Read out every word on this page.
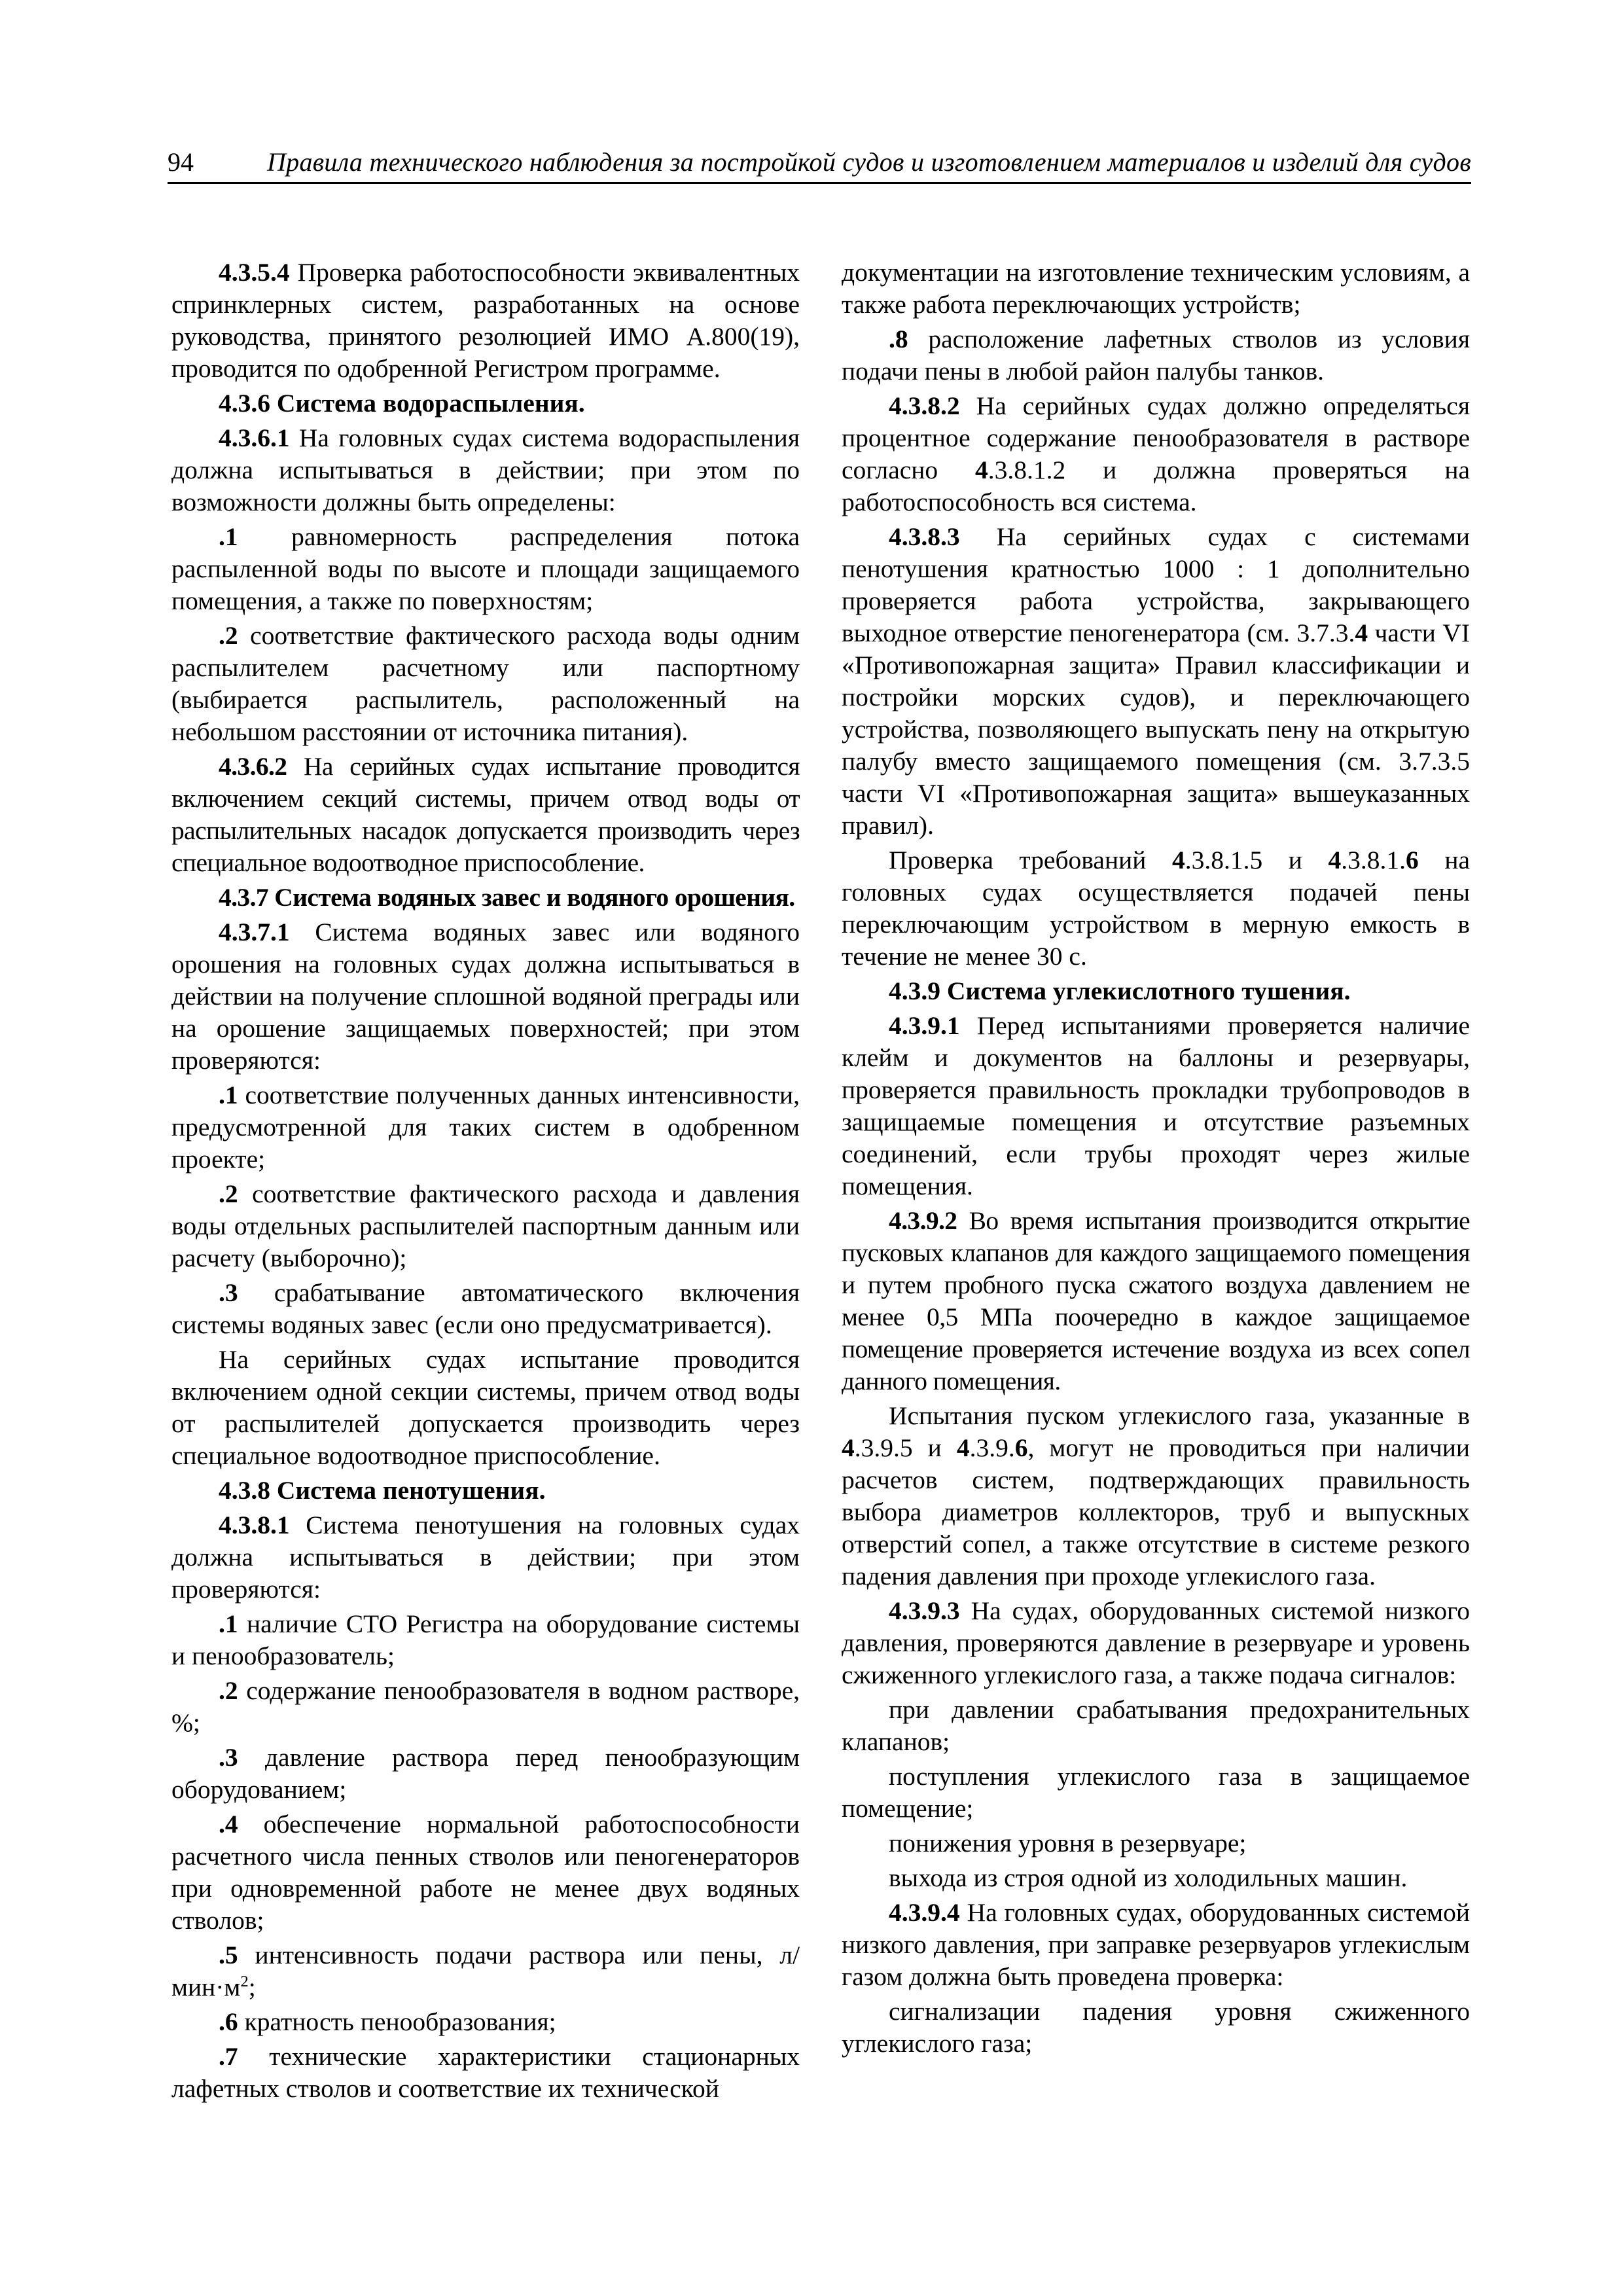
94	Правила технического наблюдения за постройкой судов и изготовлением материалов и изделий для судов

4.3.5.4 Проверка работоспособности эквивалентных спринклерных систем, разработанных на основе руководства, принятого резолюцией ИМО А.800(19), проводится по одобренной Регистром программе.

4.3.6 Система водораспыления.

4.3.6.1 На головных судах система водораспыления должна испытываться в действии; при этом по возможности должны быть определены:

.1 равномерность распределения потока распыленной воды по высоте и площади защищаемого помещения, а также по поверхностям;

.2 соответствие фактического расхода воды одним распылителем расчетному или паспортному (выбирается распылитель, расположенный на небольшом расстоянии от источника питания).

4.3.6.2 На серийных судах испытание проводится включением секций системы, причем отвод воды от распылительных насадок допускается производить через специальное водоотводное приспособление.

4.3.7 Система водяных завес и водяного орошения.

4.3.7.1 Система водяных завес или водяного орошения на головных судах должна испытываться в действии на получение сплошной водяной преграды или на орошение защищаемых поверхностей; при этом проверяются:

.1 соответствие полученных данных интенсивности, предусмотренной для таких систем в одобренном проекте;

.2 соответствие фактического расхода и давления воды отдельных распылителей паспортным данным или расчету (выборочно);

.3 срабатывание автоматического включения системы водяных завес (если оно предусматривается).

На серийных судах испытание проводится включением одной секции системы, причем отвод воды от распылителей допускается производить через специальное водоотводное приспособление.

4.3.8 Система пенотушения.

4.3.8.1 Система пенотушения на головных судах должна испытываться в действии; при этом проверяются:

.1 наличие СТО Регистра на оборудование системы и пенообразователь;

.2 содержание пенообразователя в водном растворе, %;

.3 давление раствора перед пенообразующим оборудованием;

.4 обеспечение нормальной работоспособности расчетного числа пенных стволов или пеногенераторов при одновременной работе не менее двух водяных стволов;

.5 интенсивность подачи раствора или пены, $л/мин\cdot м^2$;

.6 кратность пенообразования;

.7 технические характеристики стационарных лафетных стволов и соответствие их технической

документации на изготовление техническим условиям, а также работа переключающих устройств;

.8 расположение лафетных стволов из условия подачи пены в любой район палубы танков.

4.3.8.2 На серийных судах должно определяться процентное содержание пенообразователя в растворе согласно 4.3.8.1.2 и должна проверяться на работоспособность вся система.

4.3.8.3 На серийных судах с системами пенотушения кратностью 1000 : 1 дополнительно проверяется работа устройства, закрывающего выходное отверстие пеногенератора (см. 3.7.3.4 части VI «Противопожарная защита» Правил классификации и постройки морских судов), и переключающего устройства, позволяющего выпускать пену на открытую палубу вместо защищаемого помещения (см. 3.7.3.5 части VI «Противопожарная защита» вышеуказанных правил).

Проверка требований 4.3.8.1.5 и 4.3.8.1.6 на головных судах осуществляется подачей пены переключающим устройством в мерную емкость в течение не менее 30 с.

4.3.9 Система углекислотного тушения.

4.3.9.1 Перед испытаниями проверяется наличие клейм и документов на баллоны и резервуары, проверяется правильность прокладки трубопроводов в защищаемые помещения и отсутствие разъемных соединений, если трубы проходят через жилые помещения.

4.3.9.2 Во время испытания производится открытие пусковых клапанов для каждого защищаемого помещения и путем пробного пуска сжатого воздуха давлением не менее 0,5 МПа поочередно в каждое защищаемое помещение проверяется истечение воздуха из всех сопел данного помещения.

Испытания пуском углекислого газа, указанные в 4.3.9.5 и 4.3.9.6, могут не проводиться при наличии расчетов систем, подтверждающих правильность выбора диаметров коллекторов, труб и выпускных отверстий сопел, а также отсутствие в системе резкого падения давления при проходе углекислого газа.

4.3.9.3 На судах, оборудованных системой низкого давления, проверяются давление в резервуаре и уровень сжиженного углекислого газа, а также подача сигналов:

при давлении срабатывания предохранительных клапанов;

поступления углекислого газа в защищаемое помещение;

понижения уровня в резервуаре;

выхода из строя одной из холодильных машин.

4.3.9.4 На головных судах, оборудованных системой низкого давления, при заправке резервуаров углекислым газом должна быть проведена проверка:

сигнализации падения уровня сжиженного углекислого газа;
